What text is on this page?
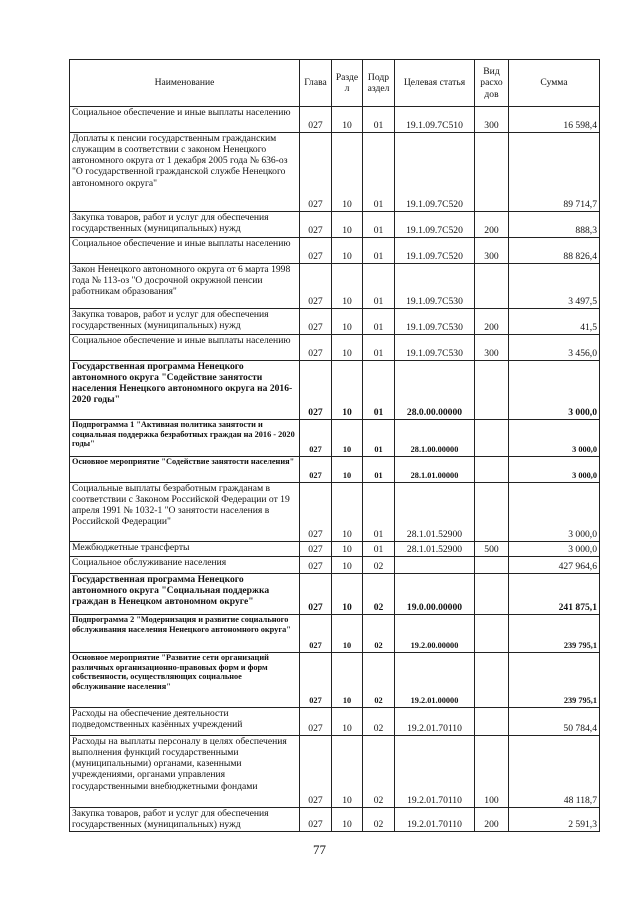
Наименование	Глава	Разде л	Подр аздел	Целевая статья	Вид расхо дов	Сумма
Социальное обеспечение и иные выплаты населению	027	10	01	19.1.09.7С510	300	16 598,4
Доплаты к пенсии государственным гражданским служащим в соответствии с законом Ненецкого автономного округа от 1 декабря 2005 года № 636-оз "О государственной гражданской службе Ненецкого автономного округа"	027	10	01	19.1.09.7С520		89 714,7
Закупка товаров, работ и услуг для обеспечения государственных (муниципальных) нужд	027	10	01	19.1.09.7С520	200	888,3
Социальное обеспечение и иные выплаты населению	027	10	01	19.1.09.7С520	300	88 826,4
Закон Ненецкого автономного округа от 6 марта 1998 года № 113-оз "О досрочной окружной пенсии работникам образования"	027	10	01	19.1.09.7С530		3 497,5
Закупка товаров, работ и услуг для обеспечения государственных (муниципальных) нужд	027	10	01	19.1.09.7С530	200	41,5
Социальное обеспечение и иные выплаты населению	027	10	01	19.1.09.7С530	300	3 456,0
Государственная программа Ненецкого автономного округа "Содействие занятости населения Ненецкого автономного округа на 2016-2020 годы"	027	10	01	28.0.00.00000		3 000,0
Подпрограмма 1 "Активная политика занятости и социальная поддержка безработных граждан на 2016 - 2020 годы"	027	10	01	28.1.00.00000		3 000,0
Основное мероприятие "Содействие занятости населения"	027	10	01	28.1.01.00000		3 000,0
Социальные выплаты безработным гражданам в соответствии с Законом Российской Федерации от 19 апреля 1991 № 1032-1 "О занятости населения в Российской Федерации"	027	10	01	28.1.01.52900		3 000,0
Межбюджетные трансферты	027	10	01	28.1.01.52900	500	3 000,0
Социальное обслуживание населения	027	10	02			427 964,6
Государственная программа Ненецкого автономного округа "Социальная поддержка граждан в Ненецком автономном округе"	027	10	02	19.0.00.00000		241 875,1
Подпрограмма 2 "Модернизация и развитие социального обслуживания населения Ненецкого автономного округа"	027	10	02	19.2.00.00000		239 795,1
Основное мероприятие "Развитие сети организаций различных организационно-правовых форм и форм собственности, осуществляющих социальное обслуживание населения"	027	10	02	19.2.01.00000		239 795,1
Расходы на обеспечение деятельности подведомственных казённых учреждений	027	10	02	19.2.01.70110		50 784,4
Расходы на выплаты персоналу в целях обеспечения выполнения функций государственными (муниципальными) органами, казенными учреждениями, органами управления государственными внебюджетными фондами	027	10	02	19.2.01.70110	100	48 118,7
Закупка товаров, работ и услуг для обеспечения государственных (муниципальных) нужд	027	10	02	19.2.01.70110	200	2 591,3
77
